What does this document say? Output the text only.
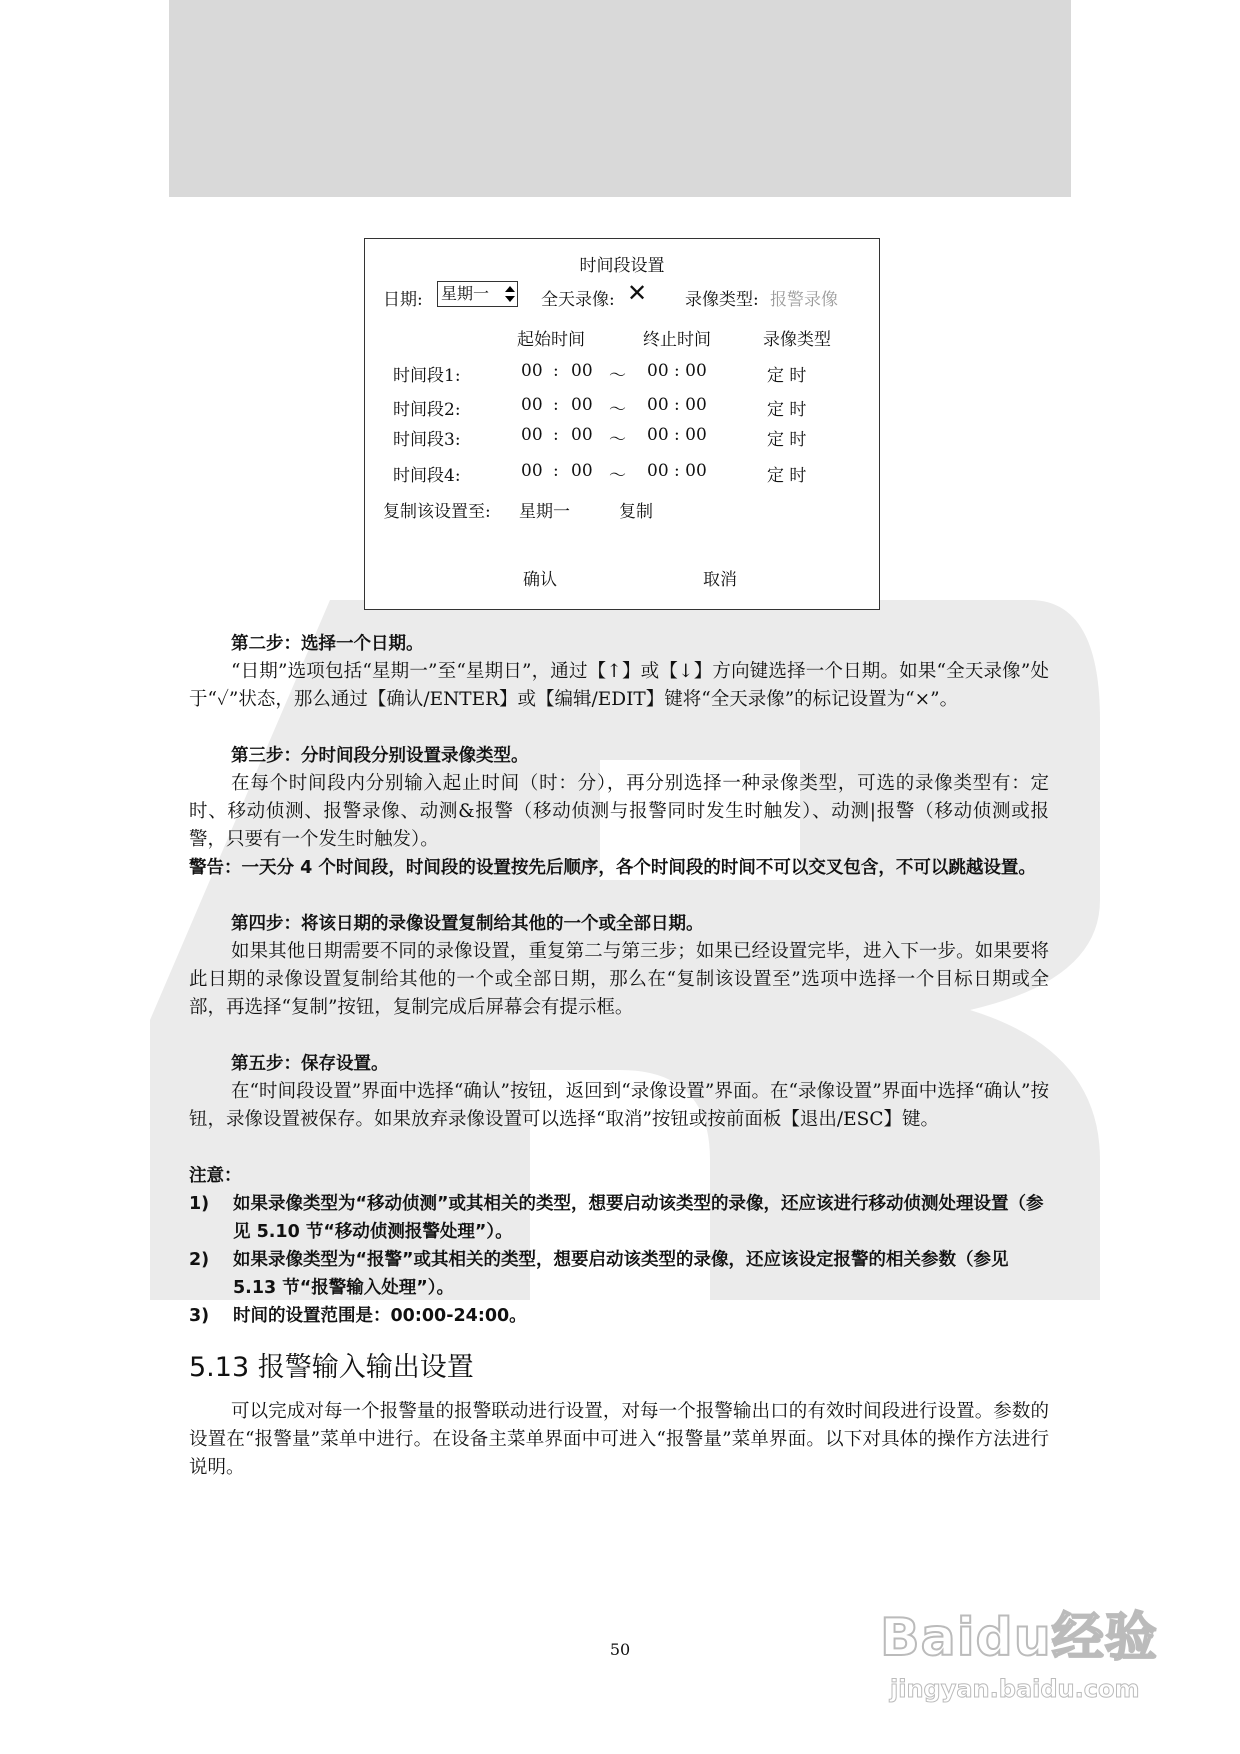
时间段设置
日期: 星期一	全天录像: ✕ 录像类型: 报警录像
起始时间	终止时间	录像类型
时间段1:	00 : 00 ～ 00 : 00	定 时
时间段2:	00 : 00 ～ 00 : 00	定 时
时间段3:	00 : 00 ～ 00 : 00	定 时
时间段4:	00 : 00 ～ 00 : 00	定 时
复制该设置至: 星期一	复制
确认	取消

第二步：选择一个日期。

“日期”选项包括“星期一”至“星期日”，通过【↑】或【↓】方向键选择一个日期。如果“全天录像”处于“✓”状态，那么通过【确认/ENTER】或【编辑/EDIT】键将“全天录像”的标记设置为“×”。

第三步：分时间段分别设置录像类型。

在每个时间段内分别输入起止时间（时：分），再分别选择一种录像类型，可选的录像类型有：定时、移动侦测、报警录像、动测&报警（移动侦测与报警同时发生时触发）、动测|报警（移动侦测或报警，只要有一个发生时触发）。

警告：一天分 4 个时间段，时间段的设置按先后顺序，各个时间段的时间不可以交叉包含，不可以跳越设置。

第四步：将该日期的录像设置复制给其他的一个或全部日期。

如果其他日期需要不同的录像设置，重复第二与第三步；如果已经设置完毕，进入下一步。如果要将此日期的录像设置复制给其他的一个或全部日期，那么在“复制该设置至”选项中选择一个目标日期或全部，再选择“复制”按钮，复制完成后屏幕会有提示框。

第五步：保存设置。

在“时间段设置”界面中选择“确认”按钮，返回到“录像设置”界面。在“录像设置”界面中选择“确认”按钮，录像设置被保存。如果放弃录像设置可以选择“取消”按钮或按前面板【退出/ESC】键。

注意：

1)	如果录像类型为“移动侦测”或其相关的类型，想要启动该类型的录像，还应该进行移动侦测处理设置（参见 5.10 节“移动侦测报警处理”）。
2)	如果录像类型为“报警”或其相关的类型，想要启动该类型的录像，还应该设定报警的相关参数（参见 5.13 节“报警输入处理”）。
3)	时间的设置范围是：00:00-24:00。
5.13 报警输入输出设置

可以完成对每一个报警量的报警联动进行设置，对每一个报警输出口的有效时间段进行设置。参数的设置在“报警量”菜单中进行。在设备主菜单界面中可进入“报警量”菜单界面。以下对具体的操作方法进行说明。

50	Baidu经验
jingyan.baidu.com
